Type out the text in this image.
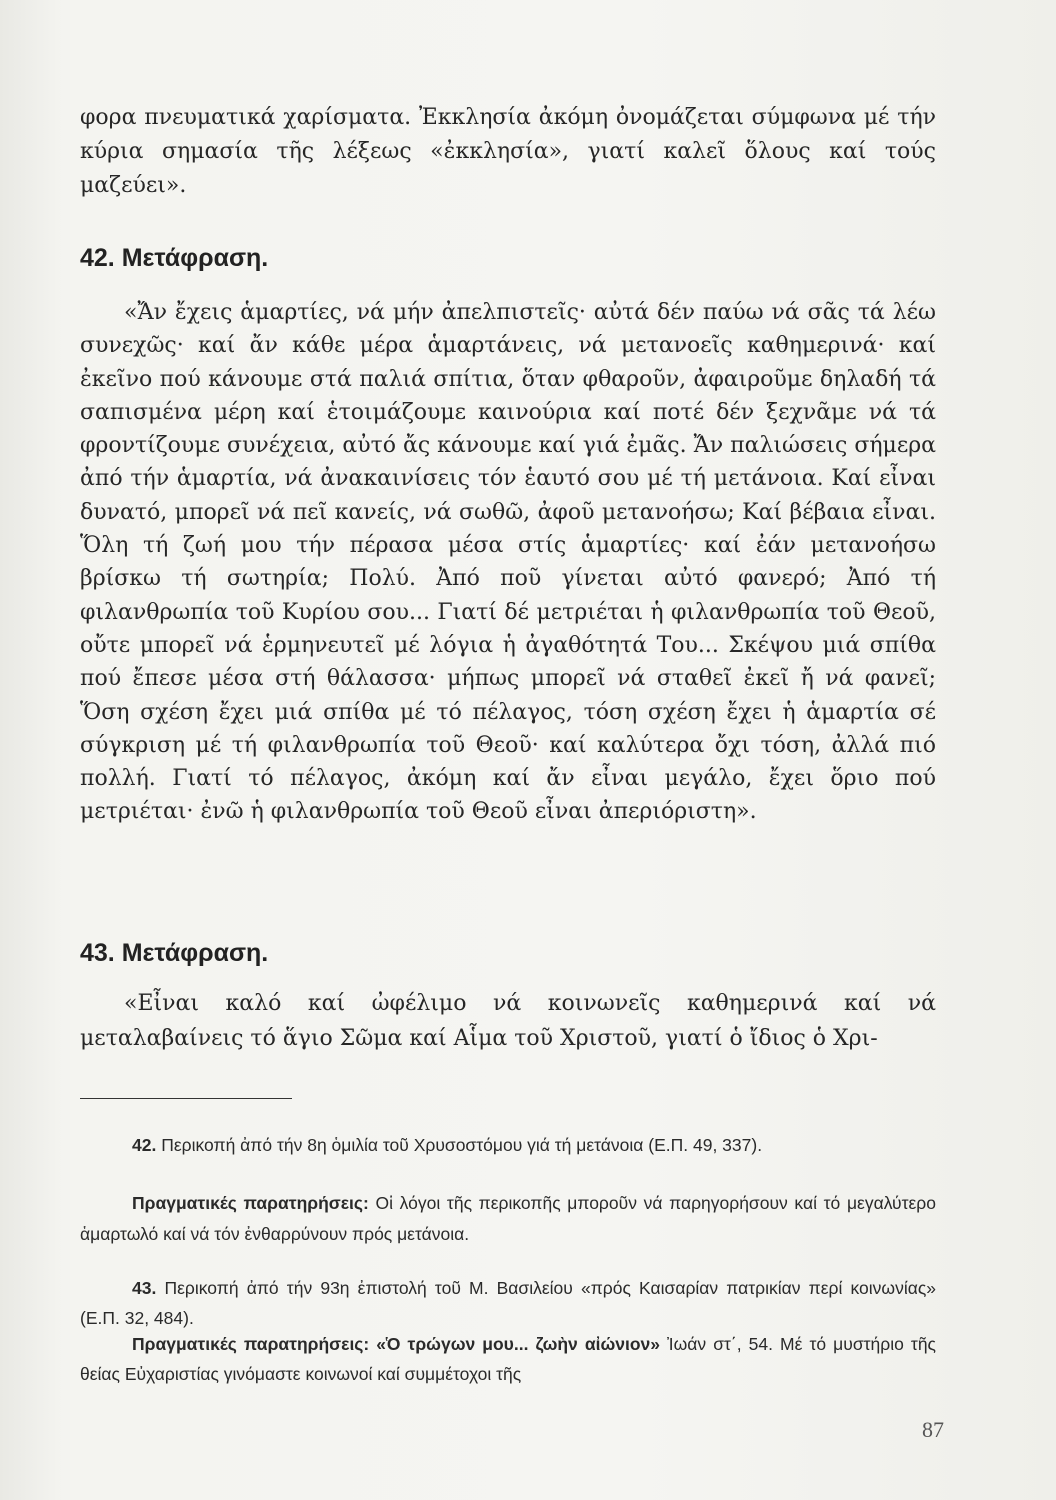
φορα πνευματικά χαρίσματα. Ἐκκλησία ἀκόμη ὀνομάζεται σύμφωνα μέ τήν κύρια σημασία τῆς λέξεως «ἐκκλησία», γιατί καλεῖ ὅλους καί τούς μαζεύει».

42. Μετάφραση.

«Ἄν ἔχεις ἁμαρτίες, νά μήν ἀπελπιστεῖς· αὐτά δέν παύω νά σᾶς τά λέω συνεχῶς· καί ἄν κάθε μέρα ἁμαρτάνεις, νά μετανοεῖς καθημερινά· καί ἐκεῖνο πού κάνουμε στά παλιά σπίτια, ὅταν φθαροῦν, ἀφαιροῦμε δηλαδή τά σαπισμένα μέρη καί ἑτοιμάζουμε καινούρια καί ποτέ δέν ξεχνᾶμε νά τά φροντίζουμε συνέχεια, αὐτό ἄς κάνουμε καί γιά ἐμᾶς. Ἄν παλιώσεις σήμερα ἀπό τήν ἁμαρτία, νά ἀνακαινίσεις τόν ἑαυτό σου μέ τή μετάνοια. Καί εἶναι δυνατό, μπορεῖ νά πεῖ κανείς, νά σωθῶ, ἀφοῦ μετανοήσω; Καί βέβαια εἶναι. Ὅλη τή ζωή μου τήν πέρασα μέσα στίς ἁμαρτίες· καί ἐάν μετανοήσω βρίσκω τή σωτηρία; Πολύ. Ἀπό ποῦ γίνεται αὐτό φανερό; Ἀπό τή φιλανθρωπία τοῦ Κυρίου σου... Γιατί δέ μετριέται ἡ φιλανθρωπία τοῦ Θεοῦ, οὔτε μπορεῖ νά ἑρμηνευτεῖ μέ λόγια ἡ ἀγαθότητά Του... Σκέψου μιά σπίθα πού ἔπεσε μέσα στή θάλασσα· μήπως μπορεῖ νά σταθεῖ ἐκεῖ ἤ νά φανεῖ; Ὅση σχέση ἔχει μιά σπίθα μέ τό πέλαγος, τόση σχέση ἔχει ἡ ἁμαρτία σέ σύγκριση μέ τή φιλανθρωπία τοῦ Θεοῦ· καί καλύτερα ὄχι τόση, ἀλλά πιό πολλή. Γιατί τό πέλαγος, ἀκόμη καί ἄν εἶναι μεγάλο, ἔχει ὅριο πού μετριέται· ἐνῶ ἡ φιλανθρωπία τοῦ Θεοῦ εἶναι ἀπεριόριστη».

43. Μετάφραση.

«Εἶναι καλό καί ὠφέλιμο νά κοινωνεῖς καθημερινά καί νά μεταλαβαίνεις τό ἅγιο Σῶμα καί Αἷμα τοῦ Χριστοῦ, γιατί ὁ ἴδιος ὁ Χρι-

42. Περικοπή ἀπό τήν 8η ὁμιλία τοῦ Χρυσοστόμου γιά τή μετάνοια (Ε.Π. 49, 337).

Πραγματικές παρατηρήσεις: Οἱ λόγοι τῆς περικοπῆς μποροῦν νά παρηγορήσουν καί τό μεγαλύτερο ἁμαρτωλό καί νά τόν ἐνθαρρύνουν πρός μετάνοια.

43. Περικοπή ἀπό τήν 93η ἐπιστολή τοῦ Μ. Βασιλείου «πρός Καισαρίαν πατρικίαν περί κοινωνίας» (Ε.Π. 32, 484).

Πραγματικές παρατηρήσεις: «Ὁ τρώγων μου... ζωὴν αἰώνιον» Ἰωάν στ΄, 54. Μέ τό μυστήριο τῆς θείας Εὐχαριστίας γινόμαστε κοινωνοί καί συμμέτοχοι τῆς

87
